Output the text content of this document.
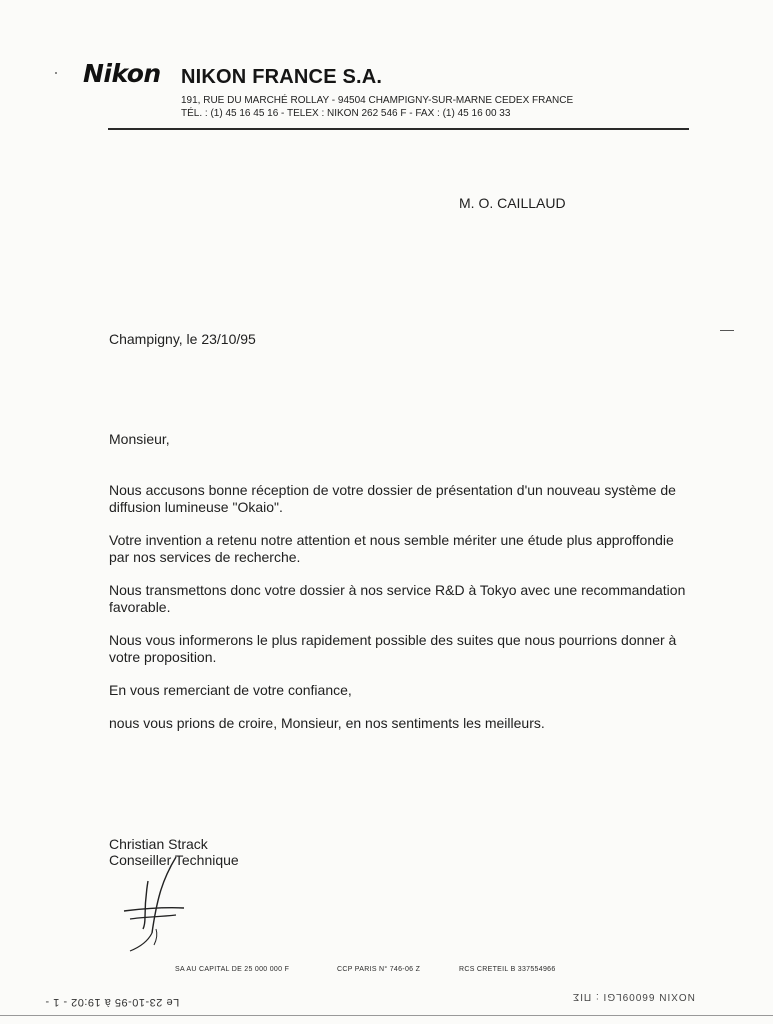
Nikon NIKON FRANCE S.A.
191, RUE DU MARCHÉ ROLLAY - 94504 CHAMPIGNY-SUR-MARNE CEDEX FRANCE
TÉL. : (1) 45 16 45 16 - TELEX : NIKON 262 546 F - FAX : (1) 45 16 00 33
M. O. CAILLAUD
Champigny, le 23/10/95
Monsieur,

Nous accusons bonne réception de votre dossier de présentation d'un nouveau système de diffusion lumineuse "Okaio".

Votre invention a retenu notre attention et nous semble mériter une étude plus approffondie par nos services de recherche.

Nous transmettons donc votre dossier à nos service R&D à Tokyo avec une recommandation favorable.

Nous vous informerons le plus rapidement possible des suites que nous pourrions donner à votre proposition.

En vous remerciant de votre confiance,

nous vous prions de croire, Monsieur, en nos sentiments les meilleurs.

Christian Strack
Conseiller Technique
SA AU CAPITAL DE 25 000 000 F	CCP PARIS N° 746-06 Z	RCS CRETEIL B 337554966
Le 23-10-95 à 19:02 - 1 -	NOXIN 66009LGI : ΠΙΣ
